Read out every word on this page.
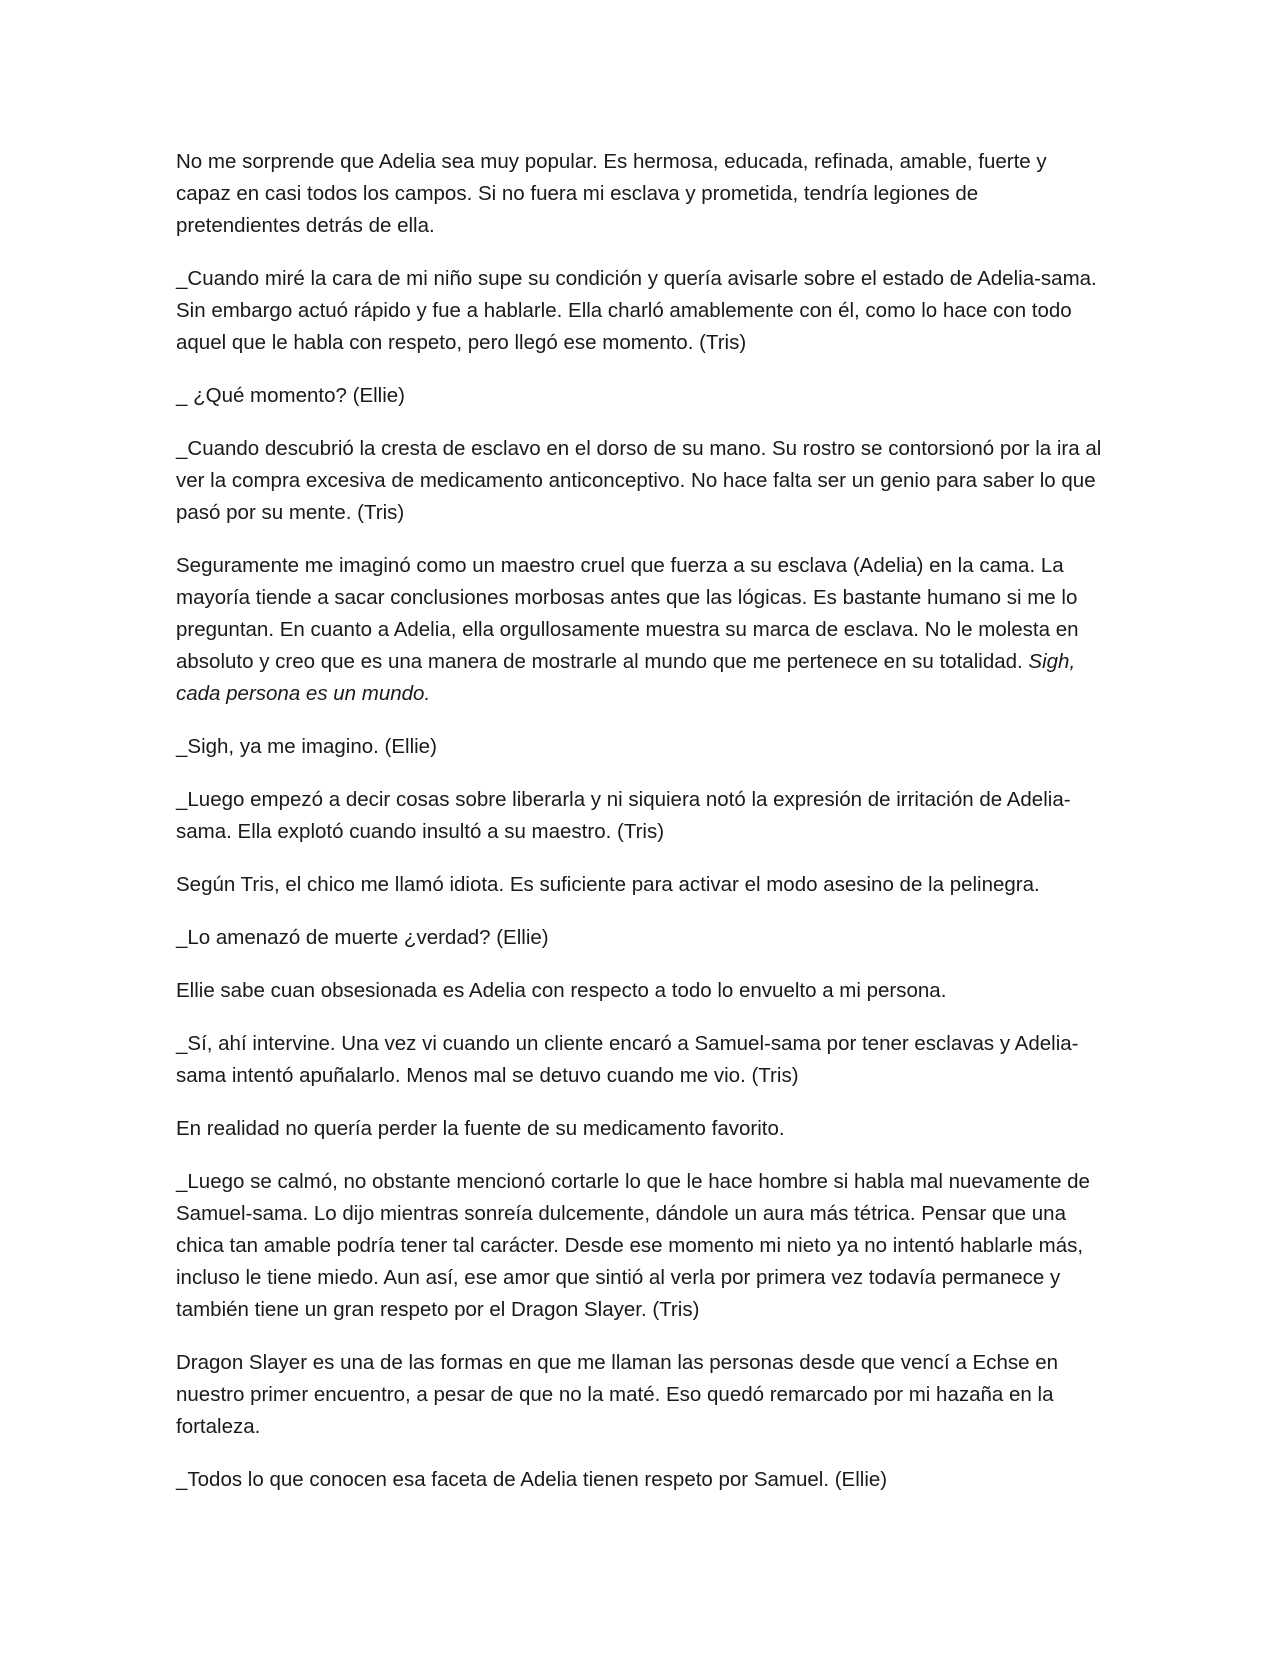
No me sorprende que Adelia sea muy popular. Es hermosa, educada, refinada, amable, fuerte y capaz en casi todos los campos. Si no fuera mi esclava y prometida, tendría legiones de pretendientes detrás de ella.

_Cuando miré la cara de mi niño supe su condición y quería avisarle sobre el estado de Adelia-sama. Sin embargo actuó rápido y fue a hablarle. Ella charló amablemente con él, como lo hace con todo aquel que le habla con respeto, pero llegó ese momento. (Tris)

_ ¿Qué momento? (Ellie)

_Cuando descubrió la cresta de esclavo en el dorso de su mano. Su rostro se contorsionó por la ira al ver la compra excesiva de medicamento anticonceptivo. No hace falta ser un genio para saber lo que pasó por su mente. (Tris)

Seguramente me imaginó como un maestro cruel que fuerza a su esclava (Adelia) en la cama. La mayoría tiende a sacar conclusiones morbosas antes que las lógicas. Es bastante humano si me lo preguntan. En cuanto a Adelia, ella orgullosamente muestra su marca de esclava. No le molesta en absoluto y creo que es una manera de mostrarle al mundo que me pertenece en su totalidad. Sigh, cada persona es un mundo.

_Sigh, ya me imagino. (Ellie)

_Luego empezó a decir cosas sobre liberarla y ni siquiera notó la expresión de irritación de Adelia-sama. Ella explotó cuando insultó a su maestro. (Tris)

Según Tris, el chico me llamó idiota. Es suficiente para activar el modo asesino de la pelinegra.

_Lo amenazó de muerte ¿verdad? (Ellie)

Ellie sabe cuan obsesionada es Adelia con respecto a todo lo envuelto a mi persona.

_Sí, ahí intervine. Una vez vi cuando un cliente encaró a Samuel-sama por tener esclavas y Adelia-sama intentó apuñalarlo. Menos mal se detuvo cuando me vio. (Tris)

En realidad no quería perder la fuente de su medicamento favorito.

_Luego se calmó, no obstante mencionó cortarle lo que le hace hombre si habla mal nuevamente de Samuel-sama. Lo dijo mientras sonreía dulcemente, dándole un aura más tétrica. Pensar que una chica tan amable podría tener tal carácter. Desde ese momento mi nieto ya no intentó hablarle más, incluso le tiene miedo. Aun así, ese amor que sintió al verla por primera vez todavía permanece y también tiene un gran respeto por el Dragon Slayer. (Tris)

Dragon Slayer es una de las formas en que me llaman las personas desde que vencí a Echse en nuestro primer encuentro, a pesar de que no la maté. Eso quedó remarcado por mi hazaña en la fortaleza.

_Todos lo que conocen esa faceta de Adelia tienen respeto por Samuel. (Ellie)
